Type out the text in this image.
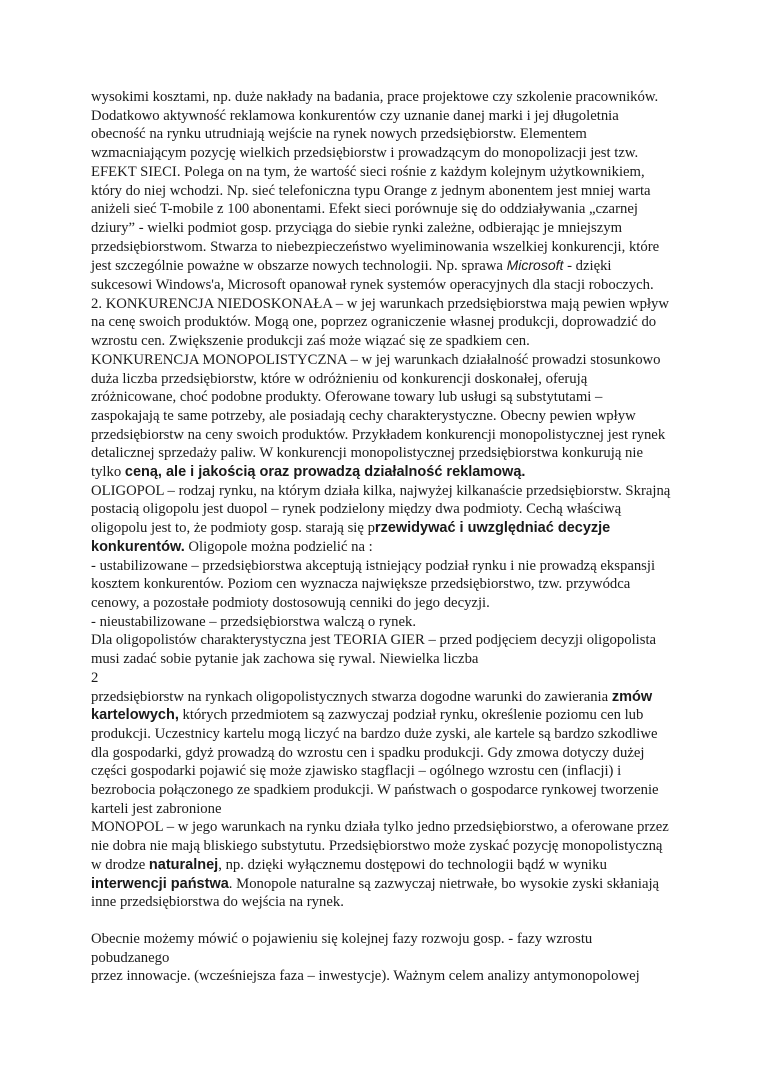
wysokimi kosztami, np. duże nakłady na badania, prace projektowe czy szkolenie pracowników. Dodatkowo aktywność reklamowa konkurentów czy uznanie danej marki i jej długoletnia obecność na rynku utrudniają wejście na rynek nowych przedsiębiorstw. Elementem wzmacniającym pozycję wielkich przedsiębiorstw i prowadzącym do monopolizacji jest tzw. EFEKT SIECI. Polega on na tym, że wartość sieci rośnie z każdym kolejnym użytkownikiem, który do niej wchodzi. Np. sieć telefoniczna typu Orange z jednym abonentem jest mniej warta aniżeli sieć T-mobile z 100 abonentami. Efekt sieci porównuje się do oddziaływania „czarnej dziury” - wielki podmiot gosp. przyciąga do siebie rynki zależne, odbierając je mniejszym przedsiębiorstwom. Stwarza to niebezpieczeństwo wyeliminowania wszelkiej konkurencji, które jest szczególnie poważne w obszarze nowych technologii. Np. sprawa Microsoft - dzięki sukcesowi Windows'a, Microsoft opanował rynek systemów operacyjnych dla stacji roboczych.

2. KONKURENCJA NIEDOSKONAŁA – w jej warunkach przedsiębiorstwa mają pewien wpływ na cenę swoich produktów. Mogą one, poprzez ograniczenie własnej produkcji, doprowadzić do wzrostu cen. Zwiększenie produkcji zaś może wiązać się ze spadkiem cen.

KONKURENCJA MONOPOLISTYCZNA – w jej warunkach działalność prowadzi stosunkowo duża liczba przedsiębiorstw, które w odróżnieniu od konkurencji doskonałej, oferują zróżnicowane, choć podobne produkty. Oferowane towary lub usługi są substytutami – zaspokajają te same potrzeby, ale posiadają cechy charakterystyczne. Obecny pewien wpływ przedsiębiorstw na ceny swoich produktów. Przykładem konkurencji monopolistycznej jest rynek detalicznej sprzedaży paliw. W konkurencji monopolistycznej przedsiębiorstwa konkurują nie tylko ceną, ale i jakością oraz prowadzą działalność reklamową.

OLIGOPOL – rodzaj rynku, na którym działa kilka, najwyżej kilkanaście przedsiębiorstw. Skrajną postacią oligopolu jest duopol – rynek podzielony między dwa podmioty. Cechą właściwą oligopolu jest to, że podmioty gosp. starają się przewidywać i uwzględniać decyzje konkurentów. Oligopole można podzielić na :

- ustabilizowane – przedsiębiorstwa akceptują istniejący podział rynku i nie prowadzą ekspansji kosztem konkurentów. Poziom cen wyznacza największe przedsiębiorstwo, tzw. przywódca cenowy, a pozostałe podmioty dostosowują cenniki do jego decyzji.

- nieustabilizowane – przedsiębiorstwa walczą o rynek.

Dla oligopolistów charakterystyczna jest TEORIA GIER – przed podjęciem decyzji oligopolista musi zadać sobie pytanie jak zachowa się rywal. Niewielka liczba

2

przedsiębiorstw na rynkach oligopolistycznych stwarza dogodne warunki do zawierania zmów kartelowych, których przedmiotem są zazwyczaj podział rynku, określenie poziomu cen lub produkcji. Uczestnicy kartelu mogą liczyć na bardzo duże zyski, ale kartele są bardzo szkodliwe dla gospodarki, gdyż prowadzą do wzrostu cen i spadku produkcji. Gdy zmowa dotyczy dużej części gospodarki pojawić się może zjawisko stagflacji – ogólnego wzrostu cen (inflacji) i bezrobocia połączonego ze spadkiem produkcji. W państwach o gospodarce rynkowej tworzenie karteli jest zabronione

MONOPOL – w jego warunkach na rynku działa tylko jedno przedsiębiorstwo, a oferowane przez nie dobra nie mają bliskiego substytutu. Przedsiębiorstwo może zyskać pozycję monopolistyczną w drodze naturalnej, np. dzięki wyłącznemu dostępowi do technologii bądź w wyniku interwencji państwa. Monopole naturalne są zazwyczaj nietrwałe, bo wysokie zyski skłaniają inne przedsiębiorstwa do wejścia na rynek.

Obecnie możemy mówić o pojawieniu się kolejnej fazy rozwoju gosp. - fazy wzrostu pobudzanego

przez innowacje. (wcześniejsza faza – inwestycje). Ważnym celem analizy antymonopolowej
